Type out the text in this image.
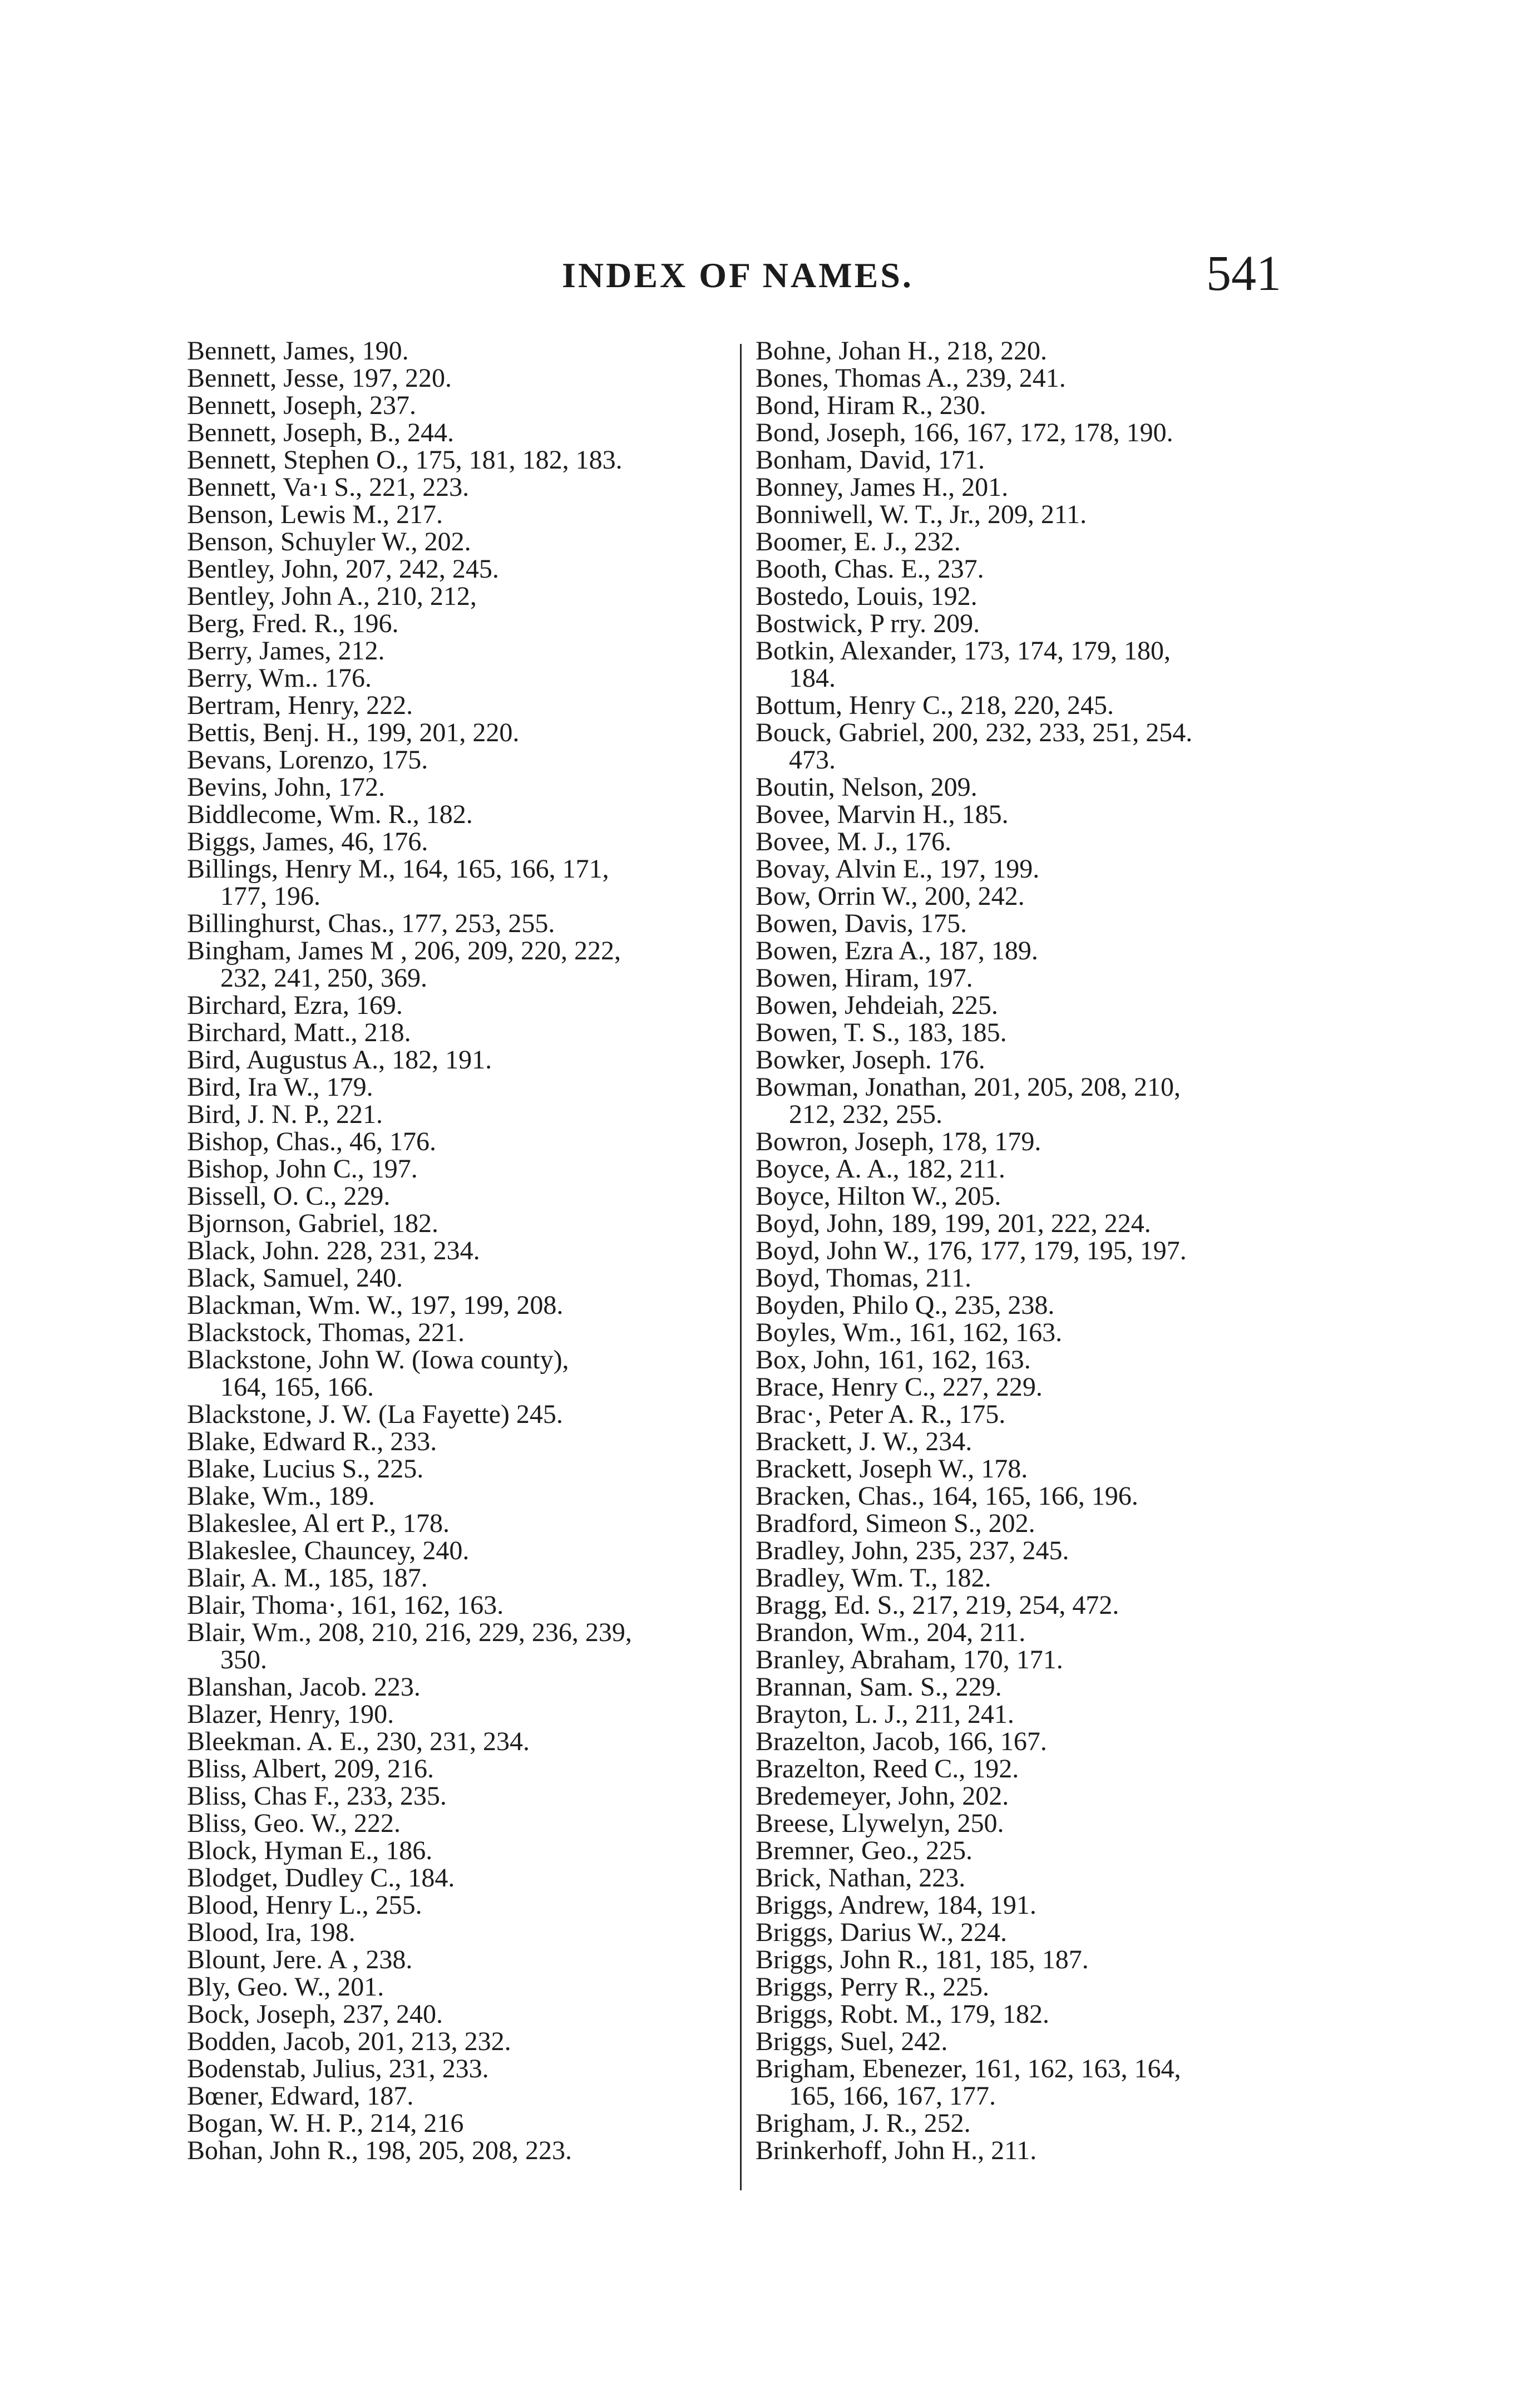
INDEX OF NAMES.	541
Bennett, James, 190.
Bennett, Jesse, 197, 220.
Bennett, Joseph, 237.
Bennett, Joseph, B., 244.
Bennett, Stephen O., 175, 181, 182, 183.
Bennett, Va·ı S., 221, 223.
Benson, Lewis M., 217.
Benson, Schuyler W., 202.
Bentley, John, 207, 242, 245.
Bentley, John A., 210, 212,
Berg, Fred. R., 196.
Berry, James, 212.
Berry, Wm.. 176.
Bertram, Henry, 222.
Bettis, Benj. H., 199, 201, 220.
Bevans, Lorenzo, 175.
Bevins, John, 172.
Biddlecome, Wm. R., 182.
Biggs, James, 46, 176.
Billings, Henry M., 164, 165, 166, 171,
177, 196.
Billinghurst, Chas., 177, 253, 255.
Bingham, James M , 206, 209, 220, 222,
232, 241, 250, 369.
Birchard, Ezra, 169.
Birchard, Matt., 218.
Bird, Augustus A., 182, 191.
Bird, Ira W., 179.
Bird, J. N. P., 221.
Bishop, Chas., 46, 176.
Bishop, John C., 197.
Bissell, O. C., 229.
Bjornson, Gabriel, 182.
Black, John. 228, 231, 234.
Black, Samuel, 240.
Blackman, Wm. W., 197, 199, 208.
Blackstock, Thomas, 221.
Blackstone, John W. (Iowa county),
164, 165, 166.
Blackstone, J. W. (La Fayette) 245.
Blake, Edward R., 233.
Blake, Lucius S., 225.
Blake, Wm., 189.
Blakeslee, Al ert P., 178.
Blakeslee, Chauncey, 240.
Blair, A. M., 185, 187.
Blair, Thoma·, 161, 162, 163.
Blair, Wm., 208, 210, 216, 229, 236, 239,
350.
Blanshan, Jacob. 223.
Blazer, Henry, 190.
Bleekman. A. E., 230, 231, 234.
Bliss, Albert, 209, 216.
Bliss, Chas F., 233, 235.
Bliss, Geo. W., 222.
Block, Hyman E., 186.
Blodget, Dudley C., 184.
Blood, Henry L., 255.
Blood, Ira, 198.
Blount, Jere. A , 238.
Bly, Geo. W., 201.
Bock, Joseph, 237, 240.
Bodden, Jacob, 201, 213, 232.
Bodenstab, Julius, 231, 233.
Bœner, Edward, 187.
Bogan, W. H. P., 214, 216
Bohan, John R., 198, 205, 208, 223.
Bohne, Johan H., 218, 220.
Bones, Thomas A., 239, 241.
Bond, Hiram R., 230.
Bond, Joseph, 166, 167, 172, 178, 190.
Bonham, David, 171.
Bonney, James H., 201.
Bonniwell, W. T., Jr., 209, 211.
Boomer, E. J., 232.
Booth, Chas. E., 237.
Bostedo, Louis, 192.
Bostwick, P rry. 209.
Botkin, Alexander, 173, 174, 179, 180,
184.
Bottum, Henry C., 218, 220, 245.
Bouck, Gabriel, 200, 232, 233, 251, 254.
473.
Boutin, Nelson, 209.
Bovee, Marvin H., 185.
Bovee, M. J., 176.
Bovay, Alvin E., 197, 199.
Bow, Orrin W., 200, 242.
Bowen, Davis, 175.
Bowen, Ezra A., 187, 189.
Bowen, Hiram, 197.
Bowen, Jehdeiah, 225.
Bowen, T. S., 183, 185.
Bowker, Joseph. 176.
Bowman, Jonathan, 201, 205, 208, 210,
212, 232, 255.
Bowron, Joseph, 178, 179.
Boyce, A. A., 182, 211.
Boyce, Hilton W., 205.
Boyd, John, 189, 199, 201, 222, 224.
Boyd, John W., 176, 177, 179, 195, 197.
Boyd, Thomas, 211.
Boyden, Philo Q., 235, 238.
Boyles, Wm., 161, 162, 163.
Box, John, 161, 162, 163.
Brace, Henry C., 227, 229.
Brac·, Peter A. R., 175.
Brackett, J. W., 234.
Brackett, Joseph W., 178.
Bracken, Chas., 164, 165, 166, 196.
Bradford, Simeon S., 202.
Bradley, John, 235, 237, 245.
Bradley, Wm. T., 182.
Bragg, Ed. S., 217, 219, 254, 472.
Brandon, Wm., 204, 211.
Branley, Abraham, 170, 171.
Brannan, Sam. S., 229.
Brayton, L. J., 211, 241.
Brazelton, Jacob, 166, 167.
Brazelton, Reed C., 192.
Bredemeyer, John, 202.
Breese, Llywelyn, 250.
Bremner, Geo., 225.
Brick, Nathan, 223.
Briggs, Andrew, 184, 191.
Briggs, Darius W., 224.
Briggs, John R., 181, 185, 187.
Briggs, Perry R., 225.
Briggs, Robt. M., 179, 182.
Briggs, Suel, 242.
Brigham, Ebenezer, 161, 162, 163, 164,
165, 166, 167, 177.
Brigham, J. R., 252.
Brinkerhoff, John H., 211.
